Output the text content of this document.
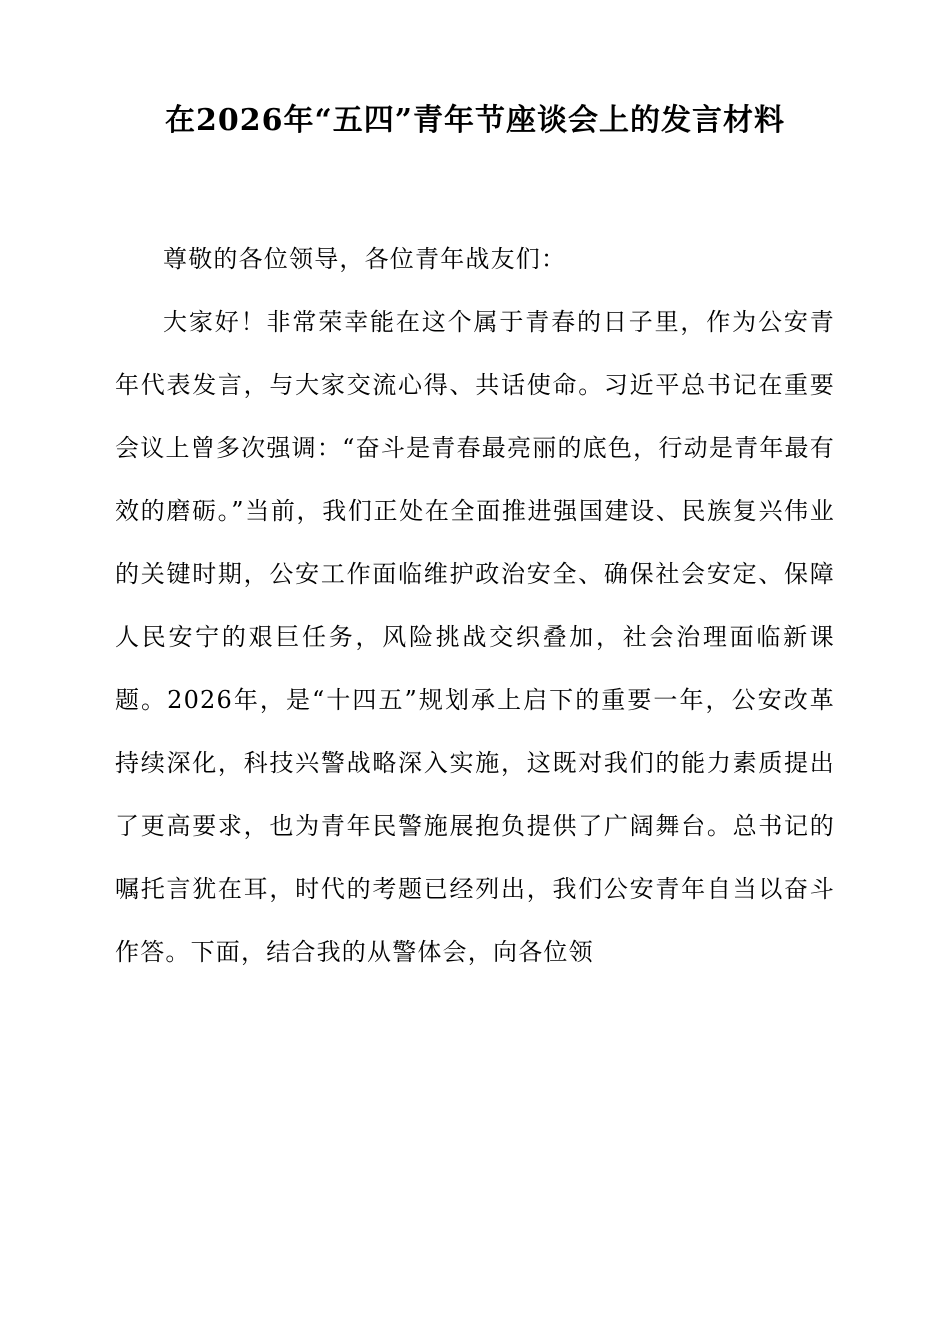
在2026年“五四”青年节座谈会上的发言材料

尊敬的各位领导，各位青年战友们：

大家好！非常荣幸能在这个属于青春的日子里，作为公安青年代表发言，与大家交流心得、共话使命。习近平总书记在重要会议上曾多次强调：“奋斗是青春最亮丽的底色，行动是青年最有效的磨砺。”当前，我们正处在全面推进强国建设、民族复兴伟业的关键时期，公安工作面临维护政治安全、确保社会安定、保障人民安宁的艰巨任务，风险挑战交织叠加，社会治理面临新课题。2026年，是“十四五”规划承上启下的重要一年，公安改革持续深化，科技兴警战略深入实施，这既对我们的能力素质提出了更高要求，也为青年民警施展抱负提供了广阔舞台。总书记的嘱托言犹在耳，时代的考题已经列出，我们公安青年自当以奋斗作答。下面，结合我的从警体会，向各位领
